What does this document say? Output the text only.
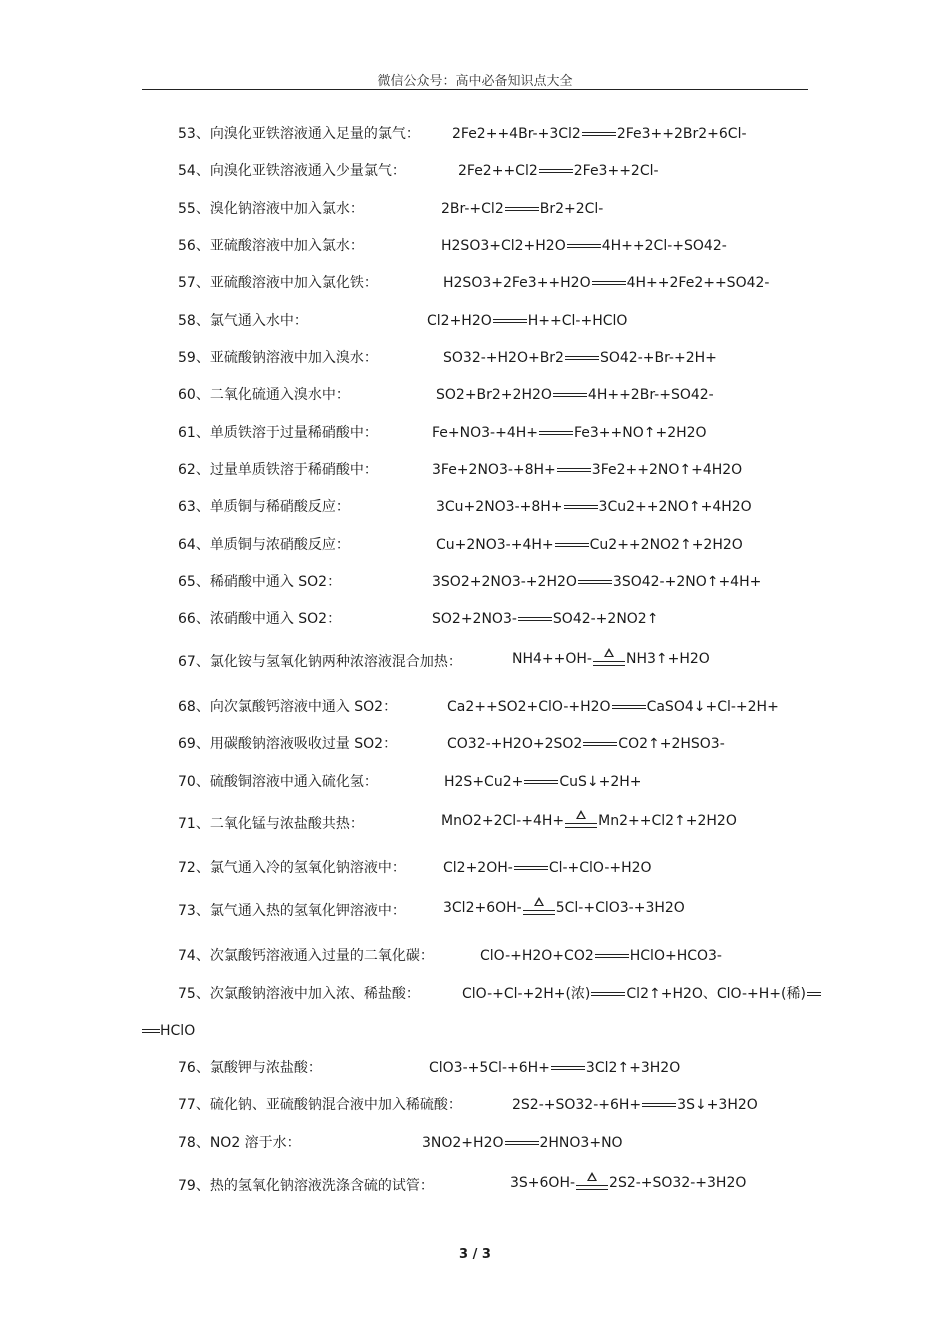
微信公众号：高中必备知识点大全
53、向溴化亚铁溶液通入足量的氯气： 2Fe2++4Br-+3Cl2	2Fe3++2Br2+6Cl-
54、向溴化亚铁溶液通入少量氯气：	2Fe2++Cl2	2Fe3++2Cl-
55、溴化钠溶液中加入氯水：	2Br-+Cl2	Br2+2Cl-
56、亚硫酸溶液中加入氯水：	H2SO3+Cl2+H2O	4H++2Cl-+SO42-
57、亚硫酸溶液中加入氯化铁：	H2SO3+2Fe3++H2O	4H++2Fe2++SO42-
58、氯气通入水中：	Cl2+H2O	H++Cl-+HClO
59、亚硫酸钠溶液中加入溴水：	SO32-+H2O+Br2	SO42-+Br-+2H+
60、二氧化硫通入溴水中：	SO2+Br2+2H2O	4H++2Br-+SO42-
61、单质铁溶于过量稀硝酸中：	Fe+NO3-+4H+	Fe3++NO↑+2H2O
62、过量单质铁溶于稀硝酸中：	3Fe+2NO3-+8H+	3Fe2++2NO↑+4H2O
63、单质铜与稀硝酸反应：	3Cu+2NO3-+8H+	3Cu2++2NO↑+4H2O
64、单质铜与浓硝酸反应：	Cu+2NO3-+4H+	Cu2++2NO2↑+2H2O
65、稀硝酸中通入 SO2：	3SO2+2NO3-+2H2O	3SO42-+2NO↑+4H+
66、浓硝酸中通入 SO2：	SO2+2NO3-	SO42-+2NO2↑
67、氯化铵与氢氧化钠两种浓溶液混合加热：	NH4++OH- NH3↑+H2O
68、向次氯酸钙溶液中通入 SO2：	Ca2++SO2+ClO-+H2O	CaSO4↓+Cl-+2H+
69、用碳酸钠溶液吸收过量 SO2：	CO32-+H2O+2SO2	CO2↑+2HSO3-
70、硫酸铜溶液中通入硫化氢：	H2S+Cu2+	CuS↓+2H+
71、二氧化锰与浓盐酸共热：	MnO2+2Cl-+4H+ Mn2++Cl2↑+2H2O
72、氯气通入冷的氢氧化钠溶液中：	Cl2+2OH-	Cl-+ClO-+H2O
73、氯气通入热的氢氧化钾溶液中：	3Cl2+6OH- 5Cl-+ClO3-+3H2O
74、次氯酸钙溶液通入过量的二氧化碳：	ClO-+H2O+CO2	HClO+HCO3-
75、次氯酸钠溶液中加入浓、稀盐酸：	ClO-+Cl-+2H+(浓)	Cl2↑+H2O、ClO-+H+(稀)
76、氯酸钾与浓盐酸：	ClO3-+5Cl-+6H+	3Cl2↑+3H2O
77、硫化钠、亚硫酸钠混合液中加入稀硫酸：	2S2-+SO32-+6H+	3S↓+3H2O
78、NO2 溶于水：	3NO2+H2O	2HNO3+NO
79、热的氢氧化钠溶液洗涤含硫的试管：	3S+6OH- 2S2-+SO32-+3H2O
HClO
3 / 3
